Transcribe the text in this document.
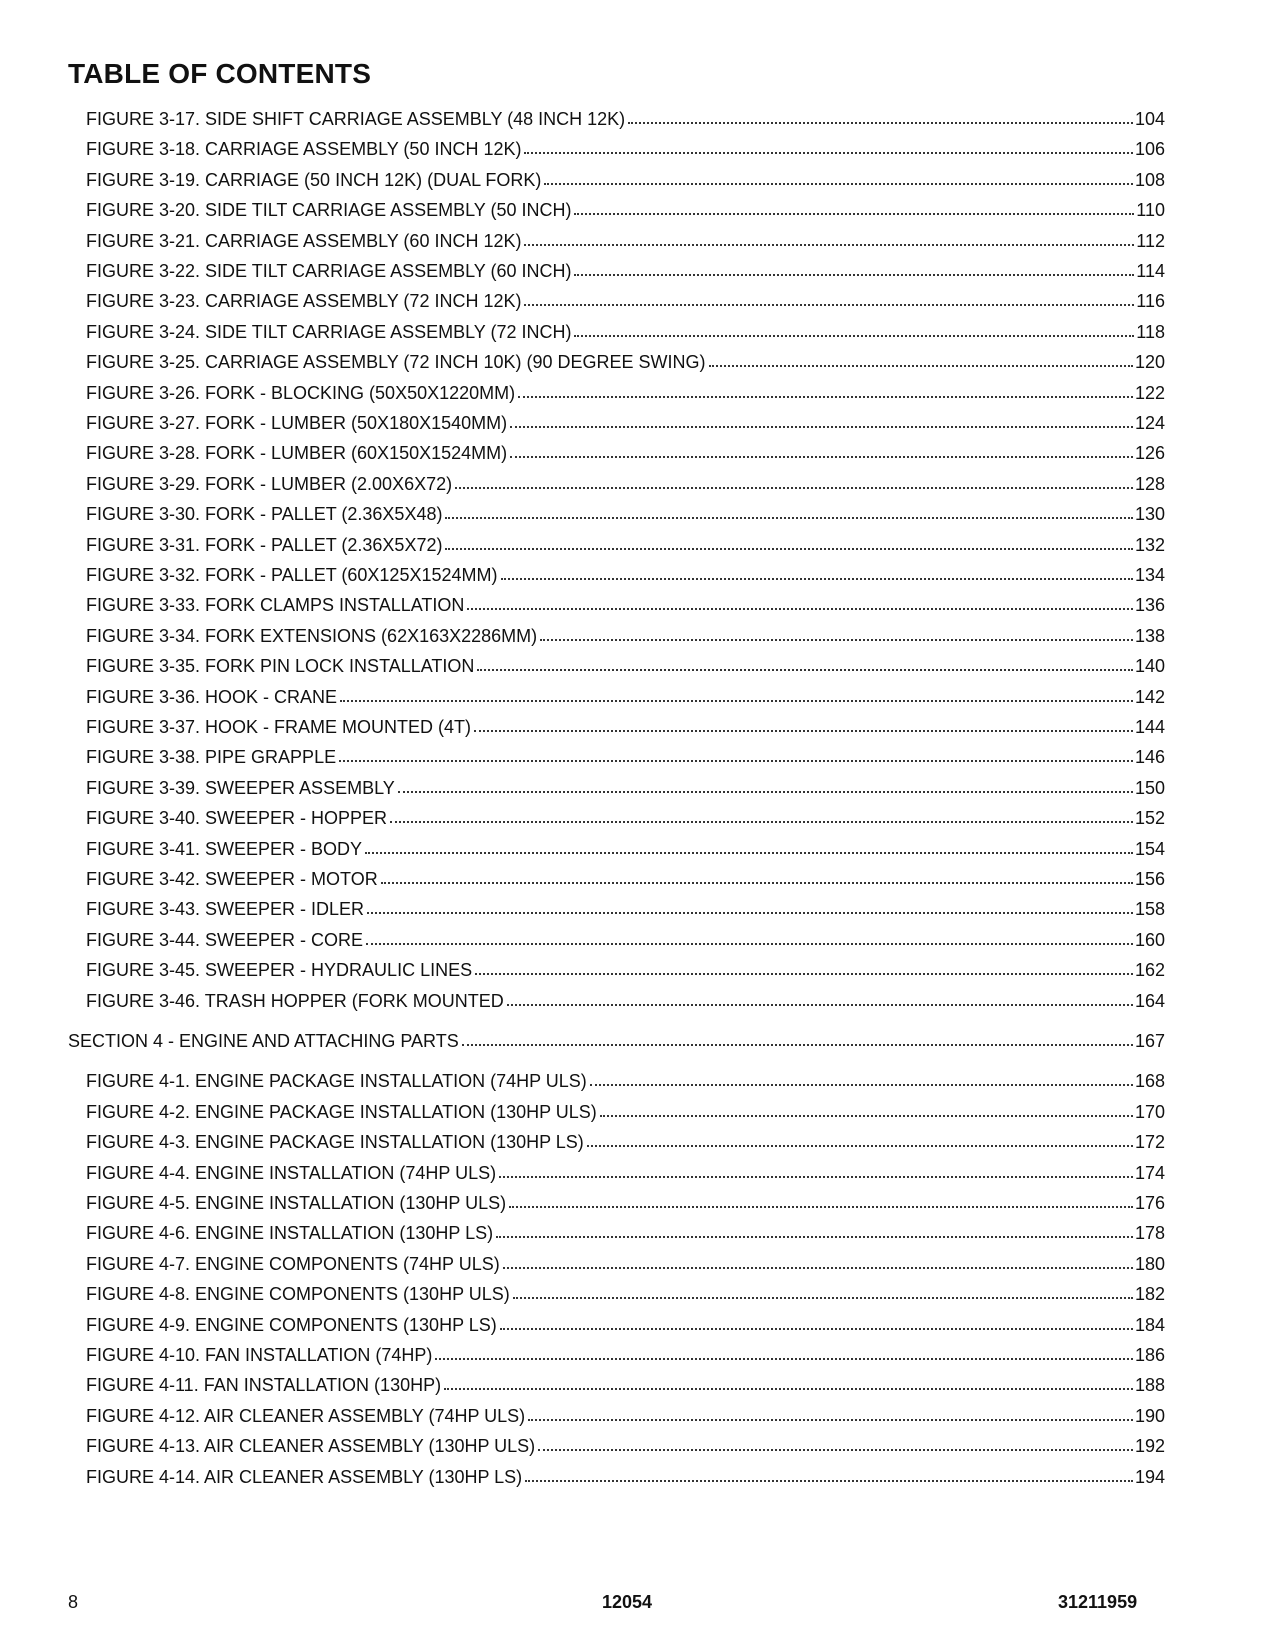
TABLE OF CONTENTS
FIGURE 3-17. SIDE SHIFT CARRIAGE ASSEMBLY (48 INCH 12K)	104
FIGURE 3-18. CARRIAGE ASSEMBLY (50 INCH 12K)	106
FIGURE 3-19. CARRIAGE (50 INCH 12K) (DUAL FORK)	108
FIGURE 3-20. SIDE TILT CARRIAGE ASSEMBLY (50 INCH)	110
FIGURE 3-21. CARRIAGE ASSEMBLY (60 INCH 12K)	112
FIGURE 3-22. SIDE TILT CARRIAGE ASSEMBLY (60 INCH)	114
FIGURE 3-23. CARRIAGE ASSEMBLY (72 INCH 12K)	116
FIGURE 3-24. SIDE TILT CARRIAGE ASSEMBLY (72 INCH)	118
FIGURE 3-25. CARRIAGE ASSEMBLY (72 INCH 10K) (90 DEGREE SWING)	120
FIGURE 3-26. FORK - BLOCKING (50X50X1220MM)	122
FIGURE 3-27. FORK - LUMBER (50X180X1540MM)	124
FIGURE 3-28. FORK - LUMBER (60X150X1524MM)	126
FIGURE 3-29. FORK - LUMBER (2.00X6X72)	128
FIGURE 3-30. FORK - PALLET (2.36X5X48)	130
FIGURE 3-31. FORK - PALLET (2.36X5X72)	132
FIGURE 3-32. FORK - PALLET (60X125X1524MM)	134
FIGURE 3-33. FORK CLAMPS INSTALLATION	136
FIGURE 3-34. FORK EXTENSIONS (62X163X2286MM)	138
FIGURE 3-35. FORK PIN LOCK INSTALLATION	140
FIGURE 3-36. HOOK - CRANE	142
FIGURE 3-37. HOOK - FRAME MOUNTED (4T)	144
FIGURE 3-38. PIPE GRAPPLE	146
FIGURE 3-39. SWEEPER ASSEMBLY	150
FIGURE 3-40. SWEEPER - HOPPER	152
FIGURE 3-41. SWEEPER - BODY	154
FIGURE 3-42. SWEEPER - MOTOR	156
FIGURE 3-43. SWEEPER - IDLER	158
FIGURE 3-44. SWEEPER - CORE	160
FIGURE 3-45. SWEEPER - HYDRAULIC LINES	162
FIGURE 3-46. TRASH HOPPER (FORK MOUNTED	164
SECTION 4 - ENGINE AND ATTACHING PARTS	167
FIGURE 4-1. ENGINE PACKAGE INSTALLATION (74HP ULS)	168
FIGURE 4-2. ENGINE PACKAGE INSTALLATION (130HP ULS)	170
FIGURE 4-3. ENGINE PACKAGE INSTALLATION (130HP LS)	172
FIGURE 4-4. ENGINE INSTALLATION (74HP ULS)	174
FIGURE 4-5. ENGINE INSTALLATION (130HP ULS)	176
FIGURE 4-6. ENGINE INSTALLATION (130HP LS)	178
FIGURE 4-7. ENGINE COMPONENTS (74HP ULS)	180
FIGURE 4-8. ENGINE COMPONENTS (130HP ULS)	182
FIGURE 4-9. ENGINE COMPONENTS (130HP LS)	184
FIGURE 4-10. FAN INSTALLATION (74HP)	186
FIGURE 4-11. FAN INSTALLATION (130HP)	188
FIGURE 4-12. AIR CLEANER ASSEMBLY (74HP ULS)	190
FIGURE 4-13. AIR CLEANER ASSEMBLY (130HP ULS)	192
FIGURE 4-14. AIR CLEANER ASSEMBLY (130HP LS)	194
8	12054	31211959
